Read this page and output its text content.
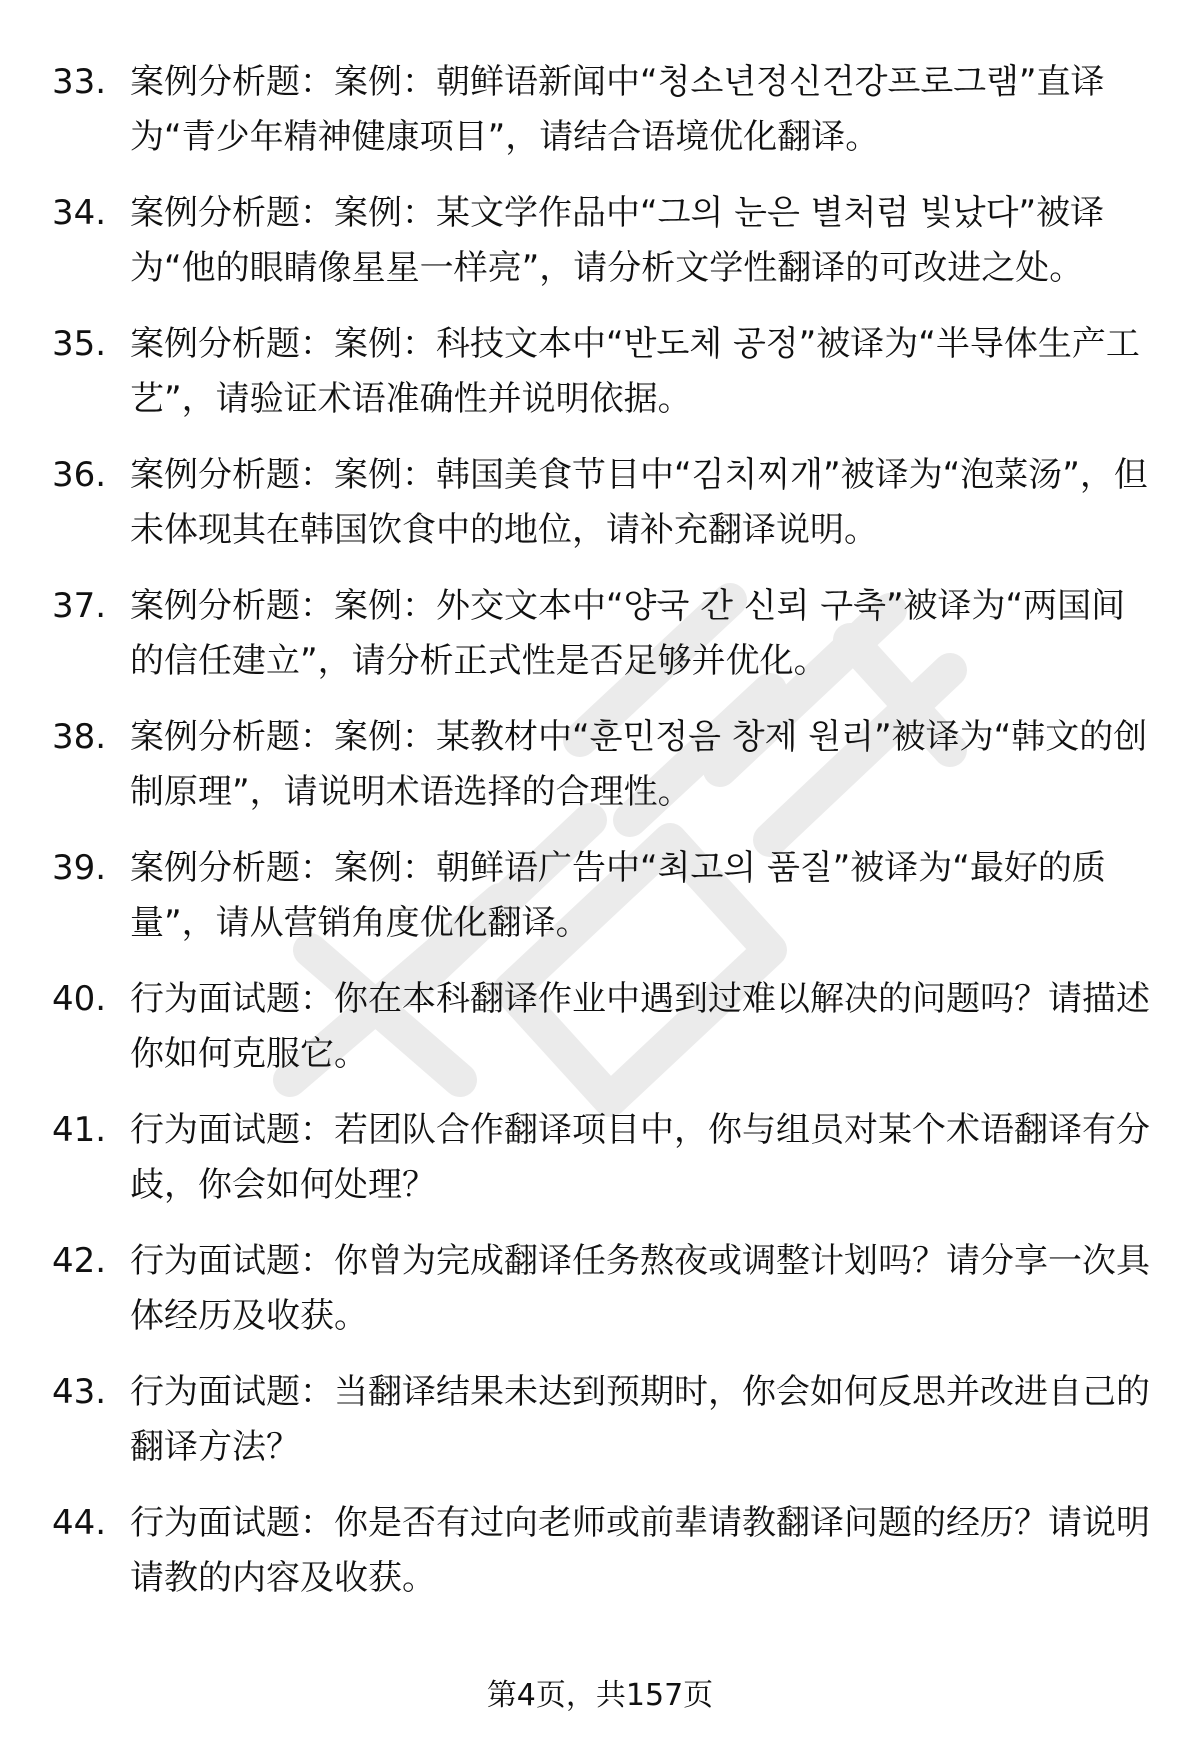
33. 案例分析题：案例：朝鲜语新闻中“청소년정신건강프로그램”直译为“青少年精神健康项目”，请结合语境优化翻译。
34. 案例分析题：案例：某文学作品中“그의 눈은 별처럼 빛났다”被译为“他的眼睛像星星一样亮”，请分析文学性翻译的可改进之处。
35. 案例分析题：案例：科技文本中“반도체 공정”被译为“半导体生产工艺”，请验证术语准确性并说明依据。
36. 案例分析题：案例：韩国美食节目中“김치찌개”被译为“泡菜汤”，但未体现其在韩国饮食中的地位，请补充翻译说明。
37. 案例分析题：案例：外交文本中“양국 간 신뢰 구축”被译为“两国间的信任建立”，请分析正式性是否足够并优化。
38. 案例分析题：案例：某教材中“훈민정음 창제 원리”被译为“韩文的创制原理”，请说明术语选择的合理性。
39. 案例分析题：案例：朝鲜语广告中“최고의 품질”被译为“最好的质量”，请从营销角度优化翻译。
40. 行为面试题：你在本科翻译作业中遇到过难以解决的问题吗？请描述你如何克服它。
41. 行为面试题：若团队合作翻译项目中，你与组员对某个术语翻译有分歧，你会如何处理？
42. 行为面试题：你曾为完成翻译任务熬夜或调整计划吗？请分享一次具体经历及收获。
43. 行为面试题：当翻译结果未达到预期时，你会如何反思并改进自己的翻译方法？
44. 行为面试题：你是否有过向老师或前辈请教翻译问题的经历？请说明请教的内容及收获。
第4页，共157页
